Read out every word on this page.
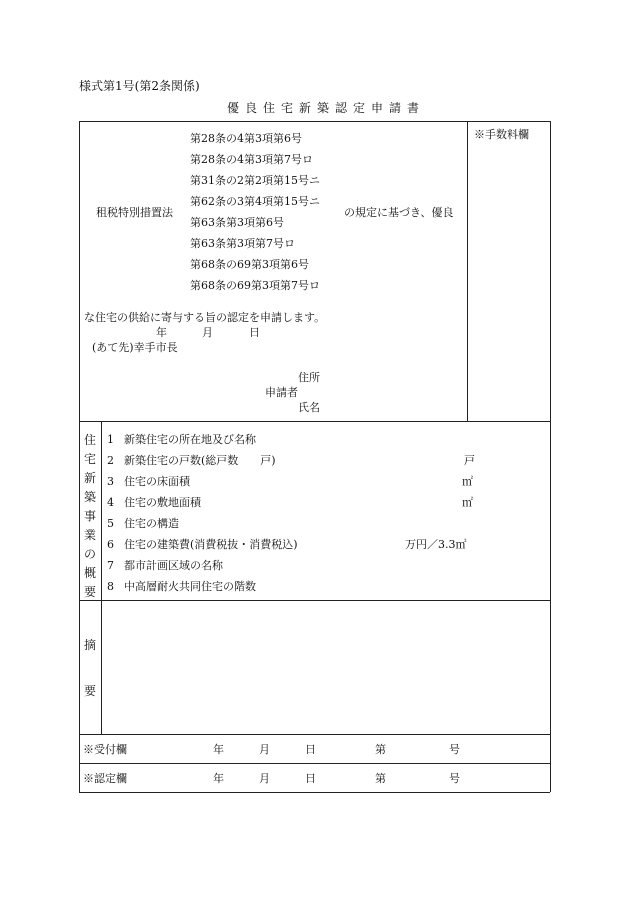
様式第1号(第2条関係)
優良住宅新築認定申請書
※手数料欄
租税特別措置法
第28条の4第3項第6号
第28条の4第3項第7号ロ
第31条の2第2項第15号ニ
第62条の3第4項第15号ニ
第63条第3項第6号
第63条第3項第7号ロ
第68条の69第3項第6号
第68条の69第3項第7号ロ
の規定に基づき、優良
な住宅の供給に寄与する旨の認定を申請します。
年	月	日
(あて先)幸手市長
住所
申請者
氏名
住
宅
新
築
事
業
の
概
要
1 新築住宅の所在地及び名称
2 新築住宅の戸数(総戸数　　戸)	戸
3 住宅の床面積	㎡
4 住宅の敷地面積	㎡
5 住宅の構造
6 住宅の建築費(消費税抜・消費税込)	万円／3.3㎡
7 都市計画区域の名称
8 中高層耐火共同住宅の階数
摘
要
※受付欄	年	月	日	第	号
※認定欄	年	月	日	第	号
